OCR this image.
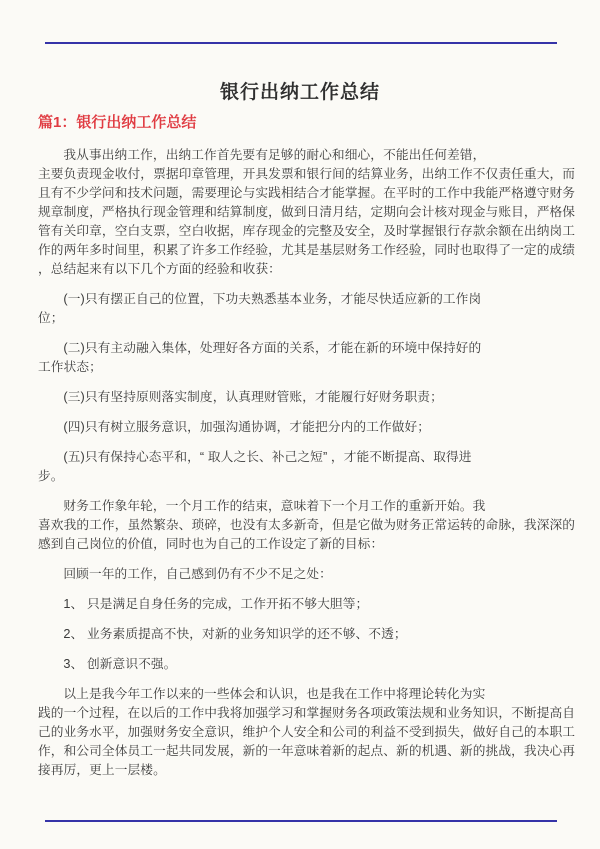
银行出纳工作总结
篇1：银行出纳工作总结
我从事出纳工作，出纳工作首先要有足够的耐心和细心，不能出任何差错，
主要负责现金收付，票据印章管理，开具发票和银行间的结算业务，出纳工作不仅责任重大，而
且有不少学问和技术问题，需要理论与实践相结合才能掌握。在平时的工作中我能严格遵守财务
规章制度，严格执行现金管理和结算制度，做到日清月结，定期向会计核对现金与账目，严格保
管有关印章，空白支票，空白收据，库存现金的完整及安全，及时掌握银行存款余额在出纳岗工
作的两年多时间里，积累了许多工作经验，尤其是基层财务工作经验，同时也取得了一定的成绩
，总结起来有以下几个方面的经验和收获：
(一)只有摆正自己的位置，下功夫熟悉基本业务，才能尽快适应新的工作岗
位；
(二)只有主动融入集体，处理好各方面的关系，才能在新的环境中保持好的
工作状态；
(三)只有坚持原则落实制度，认真理财管账，才能履行好财务职责；
(四)只有树立服务意识，加强沟通协调，才能把分内的工作做好；
(五)只有保持心态平和，“ 取人之长、补己之短” ，才能不断提高、取得进
步。
财务工作象年轮，一个月工作的结束，意味着下一个月工作的重新开始。我
喜欢我的工作，虽然繁杂、琐碎，也没有太多新奇，但是它做为财务正常运转的命脉，我深深的
感到自己岗位的价值，同时也为自己的工作设定了新的目标：
回顾一年的工作，自己感到仍有不少不足之处：
1、 只是满足自身任务的完成，工作开拓不够大胆等；
2、 业务素质提高不快，对新的业务知识学的还不够、不透；
3、 创新意识不强。
以上是我今年工作以来的一些体会和认识，也是我在工作中将理论转化为实
践的一个过程，在以后的工作中我将加强学习和掌握财务各项政策法规和业务知识，不断提高自
己的业务水平，加强财务安全意识，维护个人安全和公司的利益不受到损失，做好自己的本职工
作，和公司全体员工一起共同发展，新的一年意味着新的起点、新的机遇、新的挑战，我决心再
接再厉，更上一层楼。
